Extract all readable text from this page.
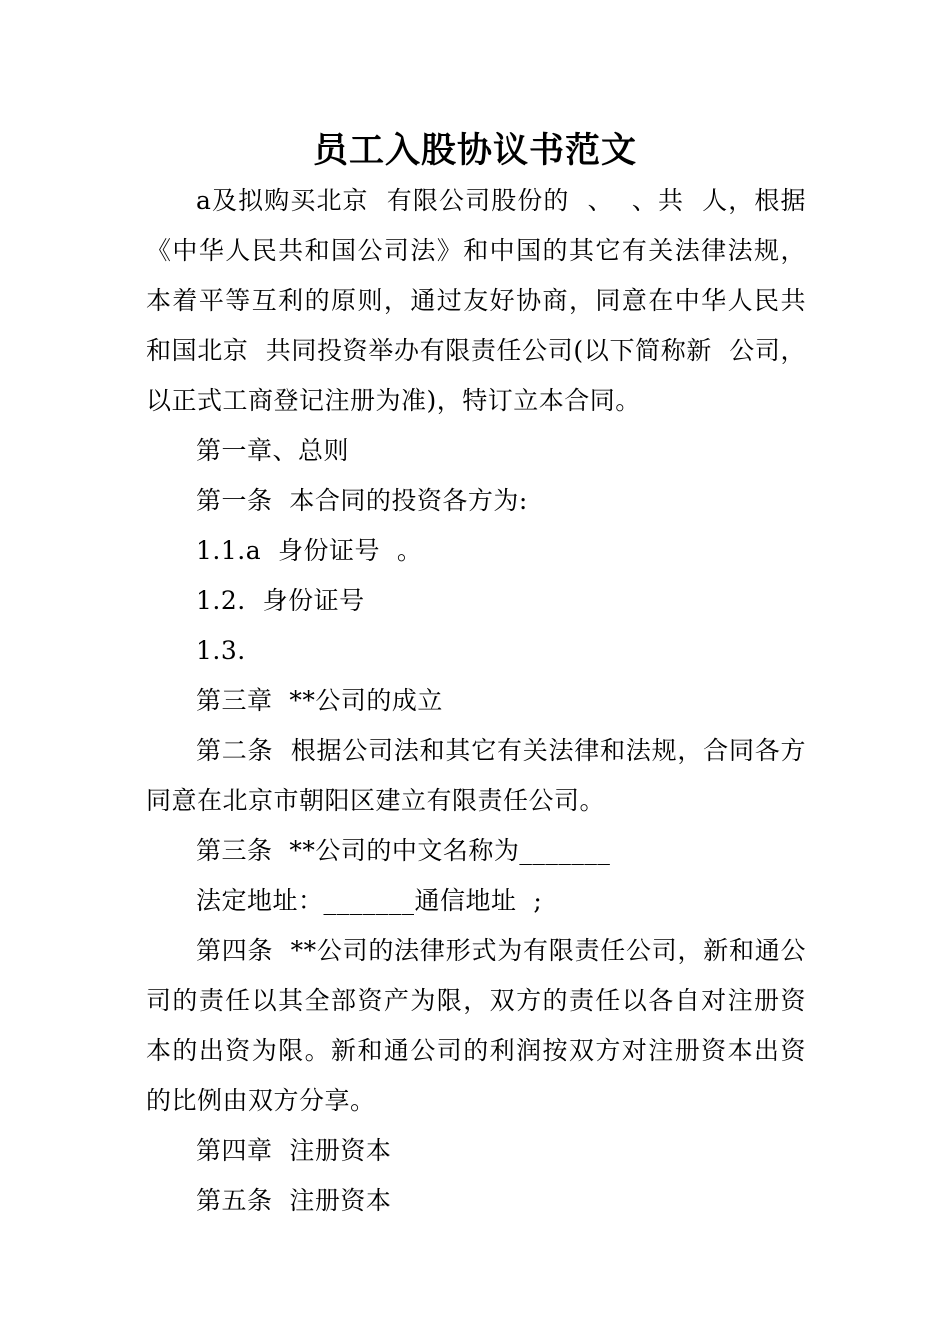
员工入股协议书范文

a及拟购买北京  有限公司股份的  、  、共  人，根据《中华人民共和国公司法》和中国的其它有关法律法规，本着平等互利的原则，通过友好协商，同意在中华人民共和国北京  共同投资举办有限责任公司(以下简称新  公司，以正式工商登记注册为准)，特订立本合同。

第一章、总则

第一条  本合同的投资各方为:

1.1.a  身份证号  。

1.2.  身份证号

1.3.

第三章  **公司的成立

第二条  根据公司法和其它有关法律和法规，合同各方同意在北京市朝阳区建立有限责任公司。

第三条  **公司的中文名称为_______

法定地址：_______通信地址  ;

第四条  **公司的法律形式为有限责任公司，新和通公司的责任以其全部资产为限，双方的责任以各自对注册资本的出资为限。新和通公司的利润按双方对注册资本出资的比例由双方分享。

第四章  注册资本

第五条  注册资本
